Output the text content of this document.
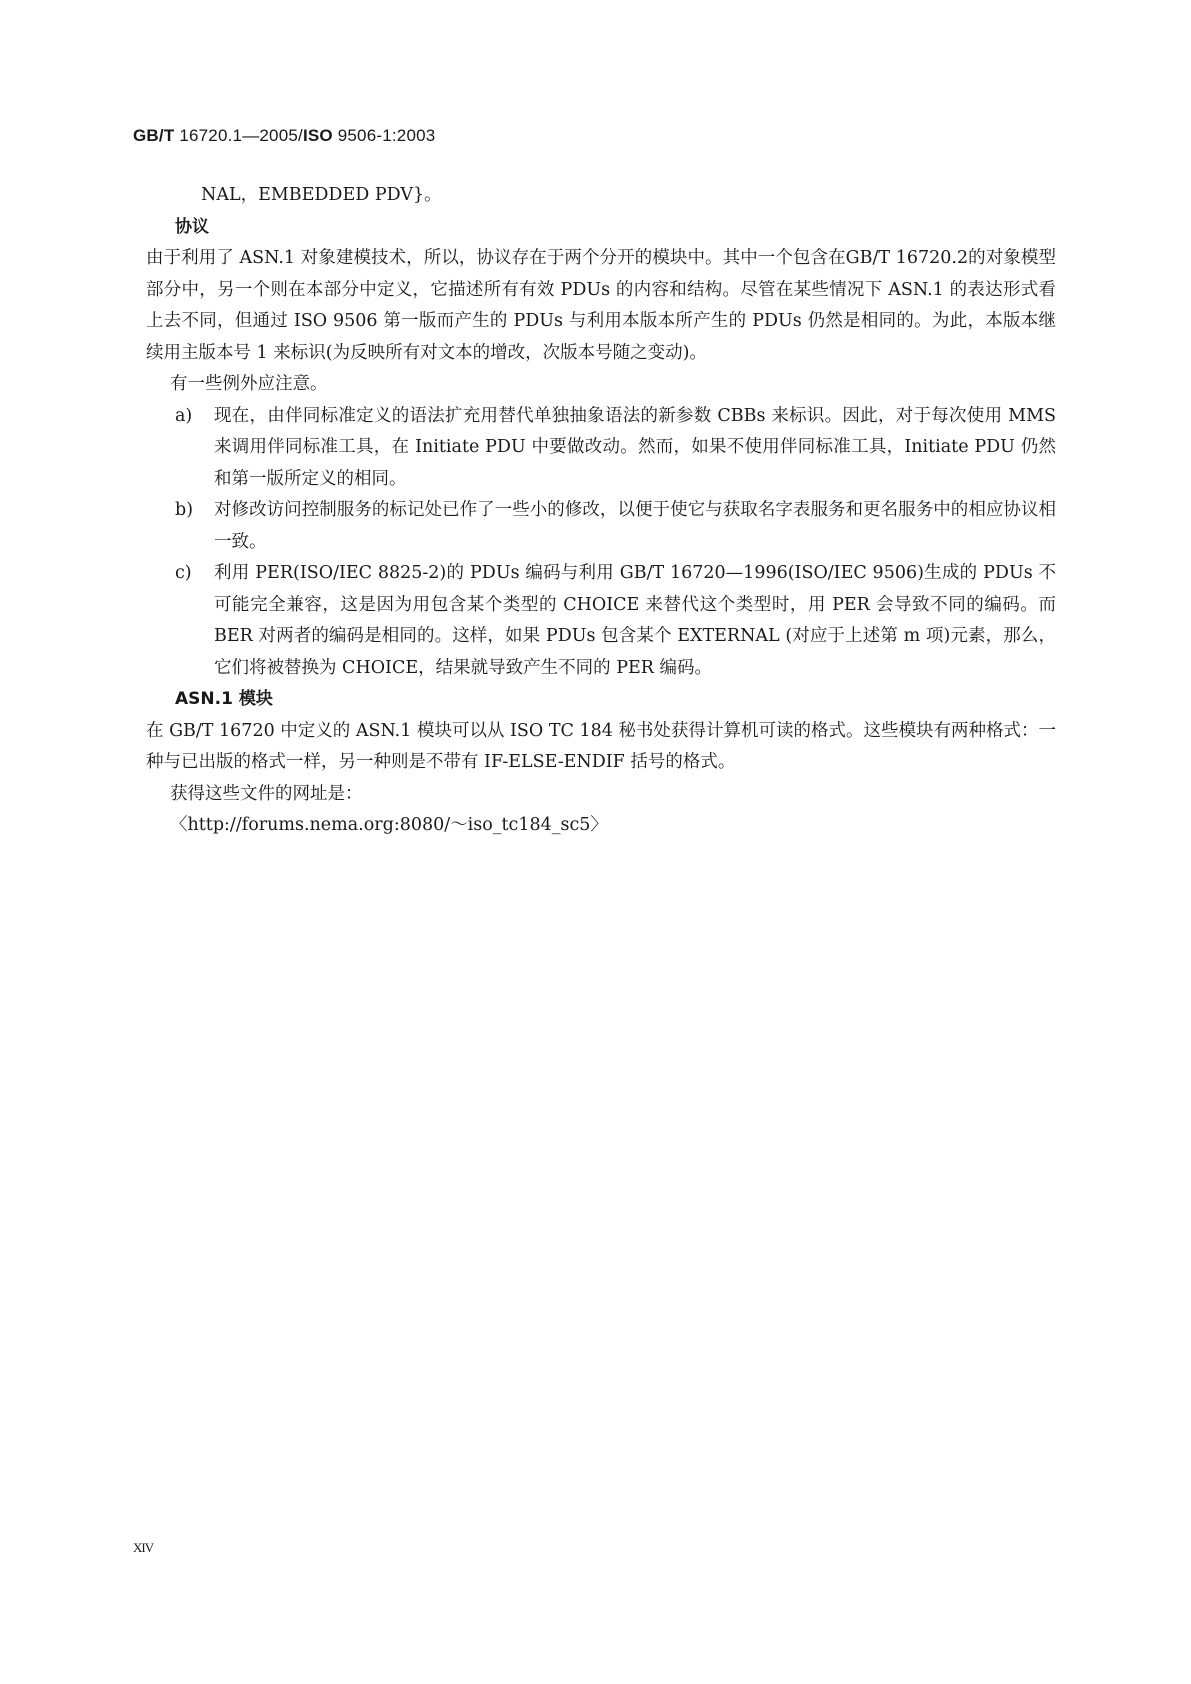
GB/T 16720.1—2005/ISO 9506-1:2003

NAL，EMBEDDED PDV}。

协议

由于利用了 ASN.1 对象建模技术，所以，协议存在于两个分开的模块中。其中一个包含在GB/T 16720.2的对象模型部分中，另一个则在本部分中定义，它描述所有有效 PDUs 的内容和结构。尽管在某些情况下 ASN.1 的表达形式看上去不同，但通过 ISO 9506 第一版而产生的 PDUs 与利用本版本所产生的 PDUs 仍然是相同的。为此，本版本继续用主版本号 1 来标识(为反映所有对文本的增改，次版本号随之变动)。

有一些例外应注意。

a)	现在，由伴同标准定义的语法扩充用替代单独抽象语法的新参数 CBBs 来标识。因此，对于每次使用 MMS 来调用伴同标准工具，在 Initiate PDU 中要做改动。然而，如果不使用伴同标准工具，Initiate PDU 仍然和第一版所定义的相同。
b)	对修改访问控制服务的标记处已作了一些小的修改，以便于使它与获取名字表服务和更名服务中的相应协议相一致。
c)	利用 PER(ISO/IEC 8825-2)的 PDUs 编码与利用 GB/T 16720—1996(ISO/IEC 9506)生成的 PDUs 不可能完全兼容，这是因为用包含某个类型的 CHOICE 来替代这个类型时，用 PER 会导致不同的编码。而 BER 对两者的编码是相同的。这样，如果 PDUs 包含某个 EXTERNAL (对应于上述第 m 项)元素，那么，它们将被替换为 CHOICE，结果就导致产生不同的 PER 编码。

ASN.1 模块

在 GB/T 16720 中定义的 ASN.1 模块可以从 ISO TC 184 秘书处获得计算机可读的格式。这些模块有两种格式：一种与已出版的格式一样，另一种则是不带有 IF-ELSE-ENDIF 括号的格式。

获得这些文件的网址是：

〈http://forums.nema.org:8080/～iso_tc184_sc5〉

XIV
